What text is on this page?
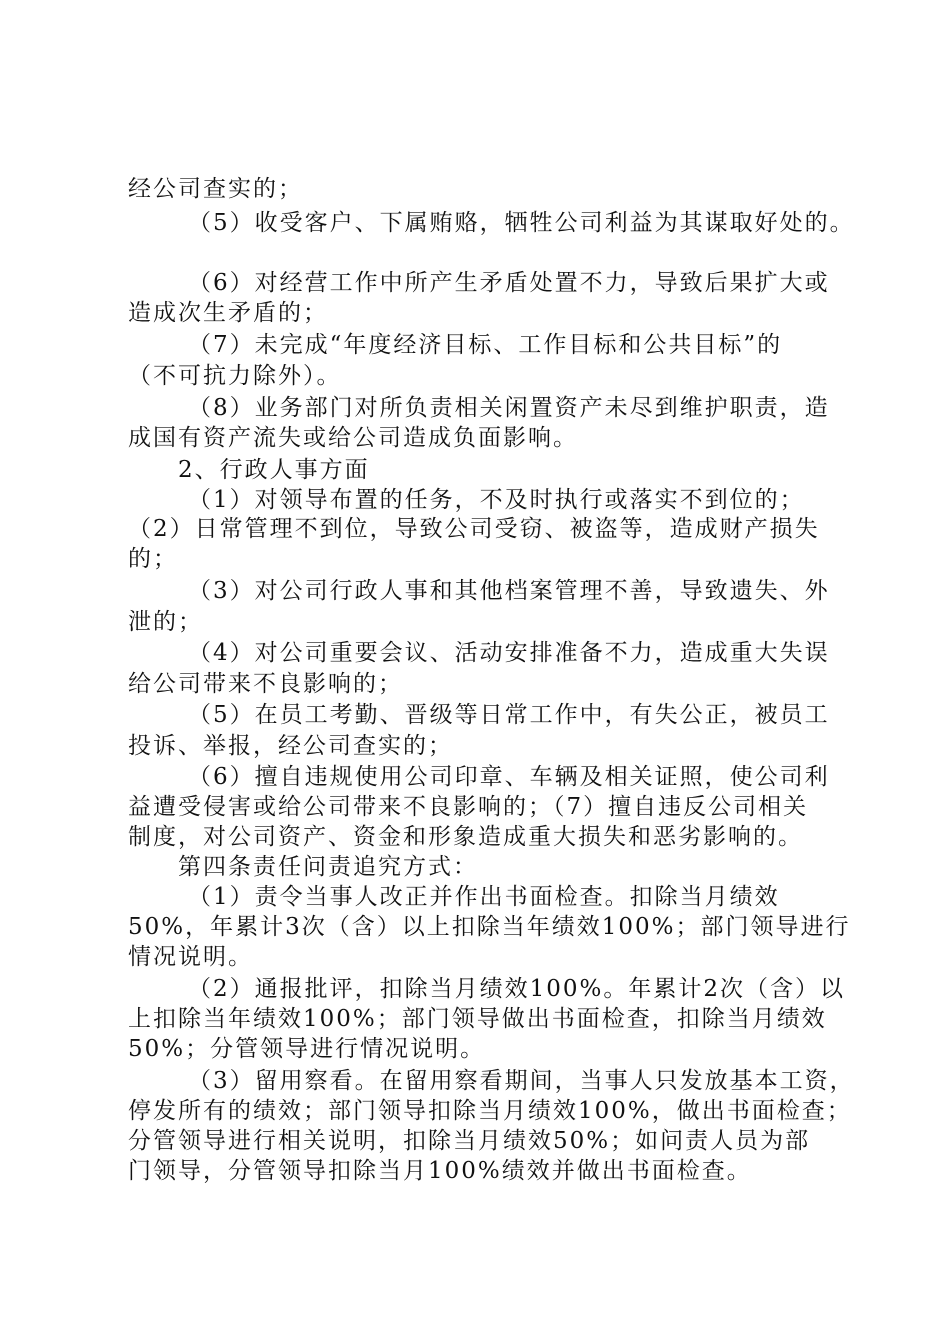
经公司查实的；
（5）收受客户、下属贿赂，牺牲公司利益为其谋取好处的。
（6）对经营工作中所产生矛盾处置不力，导致后果扩大或
造成次生矛盾的；
（7）未完成“年度经济目标、工作目标和公共目标”的
（不可抗力除外）。
（8）业务部门对所负责相关闲置资产未尽到维护职责，造
成国有资产流失或给公司造成负面影响。
2、行政人事方面
（1）对领导布置的任务，不及时执行或落实不到位的；
（2）日常管理不到位，导致公司受窃、被盗等，造成财产损失
的；
（3）对公司行政人事和其他档案管理不善，导致遗失、外
泄的；
（4）对公司重要会议、活动安排准备不力，造成重大失误
给公司带来不良影响的；
（5）在员工考勤、晋级等日常工作中，有失公正，被员工
投诉、举报，经公司查实的；
（6）擅自违规使用公司印章、车辆及相关证照，使公司利
益遭受侵害或给公司带来不良影响的；（7）擅自违反公司相关
制度，对公司资产、资金和形象造成重大损失和恶劣影响的。
第四条责任问责追究方式：
（1）责令当事人改正并作出书面检查。扣除当月绩效
50%，年累计3次（含）以上扣除当年绩效100%；部门领导进行
情况说明。
（2）通报批评，扣除当月绩效100%。年累计2次（含）以
上扣除当年绩效100%；部门领导做出书面检查，扣除当月绩效
50%；分管领导进行情况说明。
（3）留用察看。在留用察看期间，当事人只发放基本工资，
停发所有的绩效；部门领导扣除当月绩效100%，做出书面检查；
分管领导进行相关说明，扣除当月绩效50%；如问责人员为部
门领导，分管领导扣除当月100%绩效并做出书面检查。
